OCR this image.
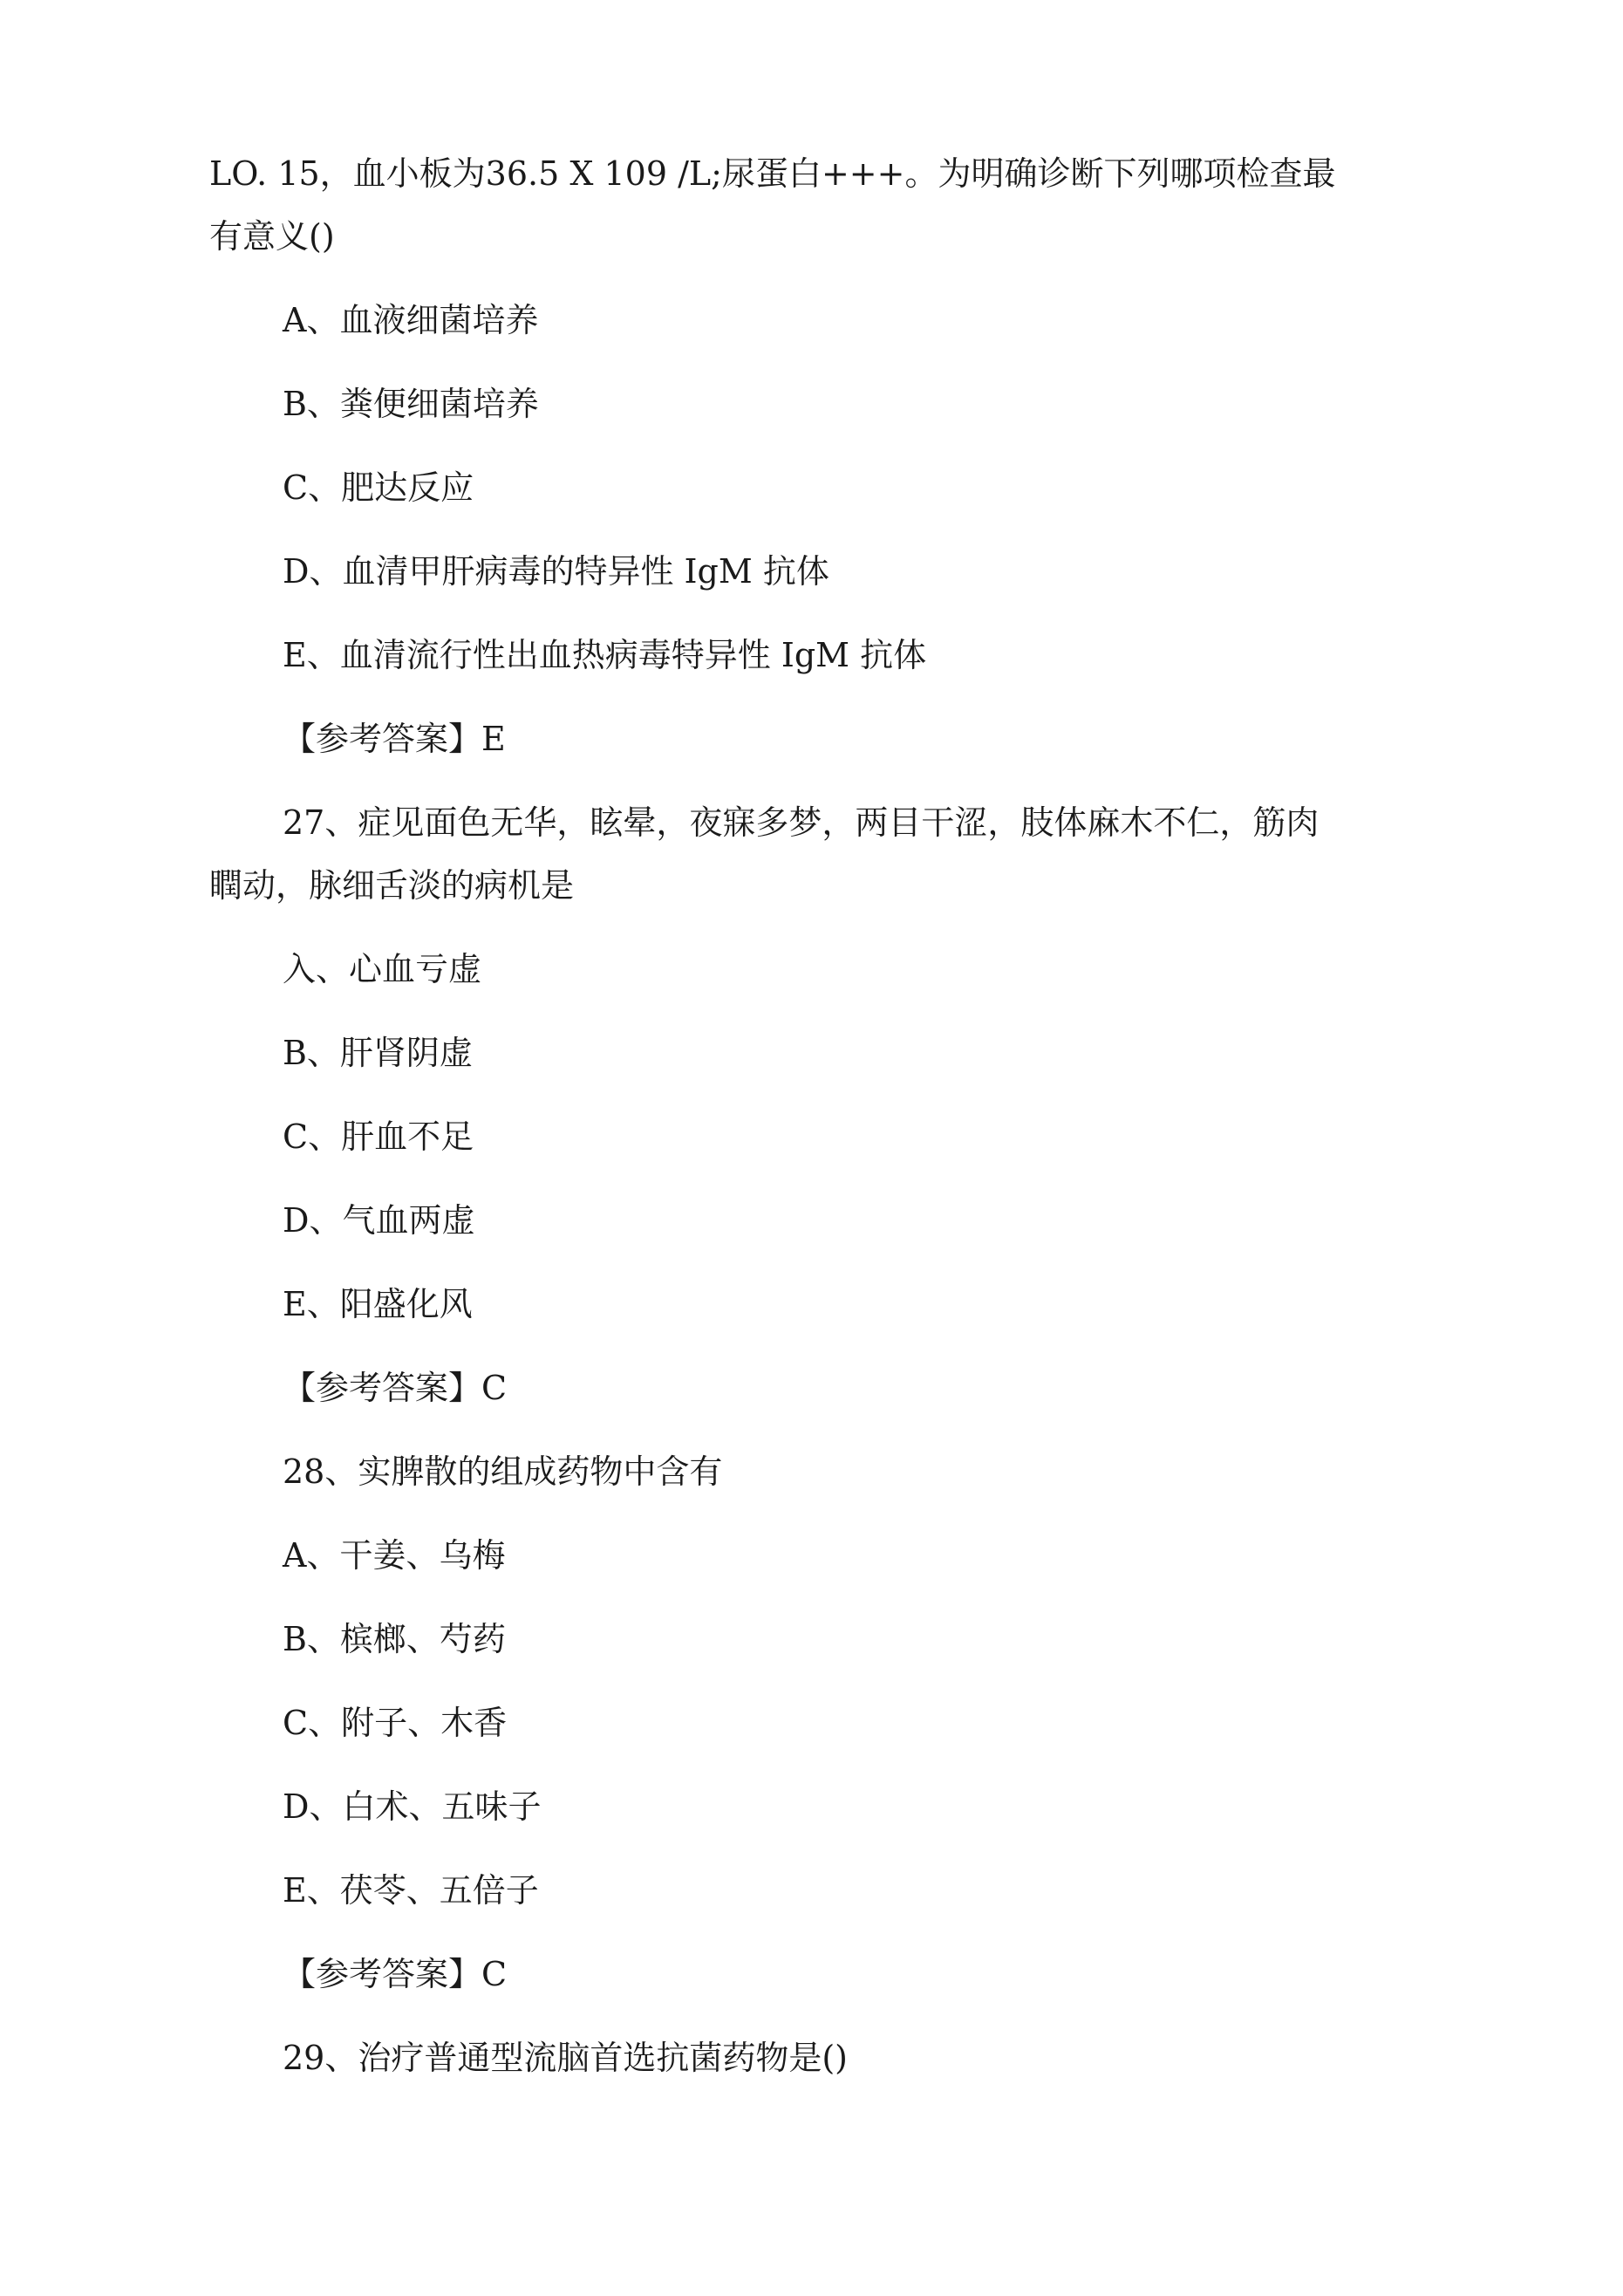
LO. 15，血小板为36.5 X 109 /L;尿蛋白+++。为明确诊断下列哪项检查最
有意义()
A、血液细菌培养
B、粪便细菌培养
C、肥达反应
D、血清甲肝病毒的特异性 IgM 抗体
E、血清流行性出血热病毒特异性 IgM 抗体
【参考答案】E
27、症见面色无华，眩晕，夜寐多梦，两目干涩，肢体麻木不仁，筋肉
瞤动，脉细舌淡的病机是
入、心血亏虚
B、肝肾阴虚
C、肝血不足
D、气血两虚
E、阳盛化风
【参考答案】C
28、实脾散的组成药物中含有
A、干姜、乌梅
B、槟榔、芍药
C、附子、木香
D、白术、五味子
E、茯苓、五倍子
【参考答案】C
29、治疗普通型流脑首选抗菌药物是()
